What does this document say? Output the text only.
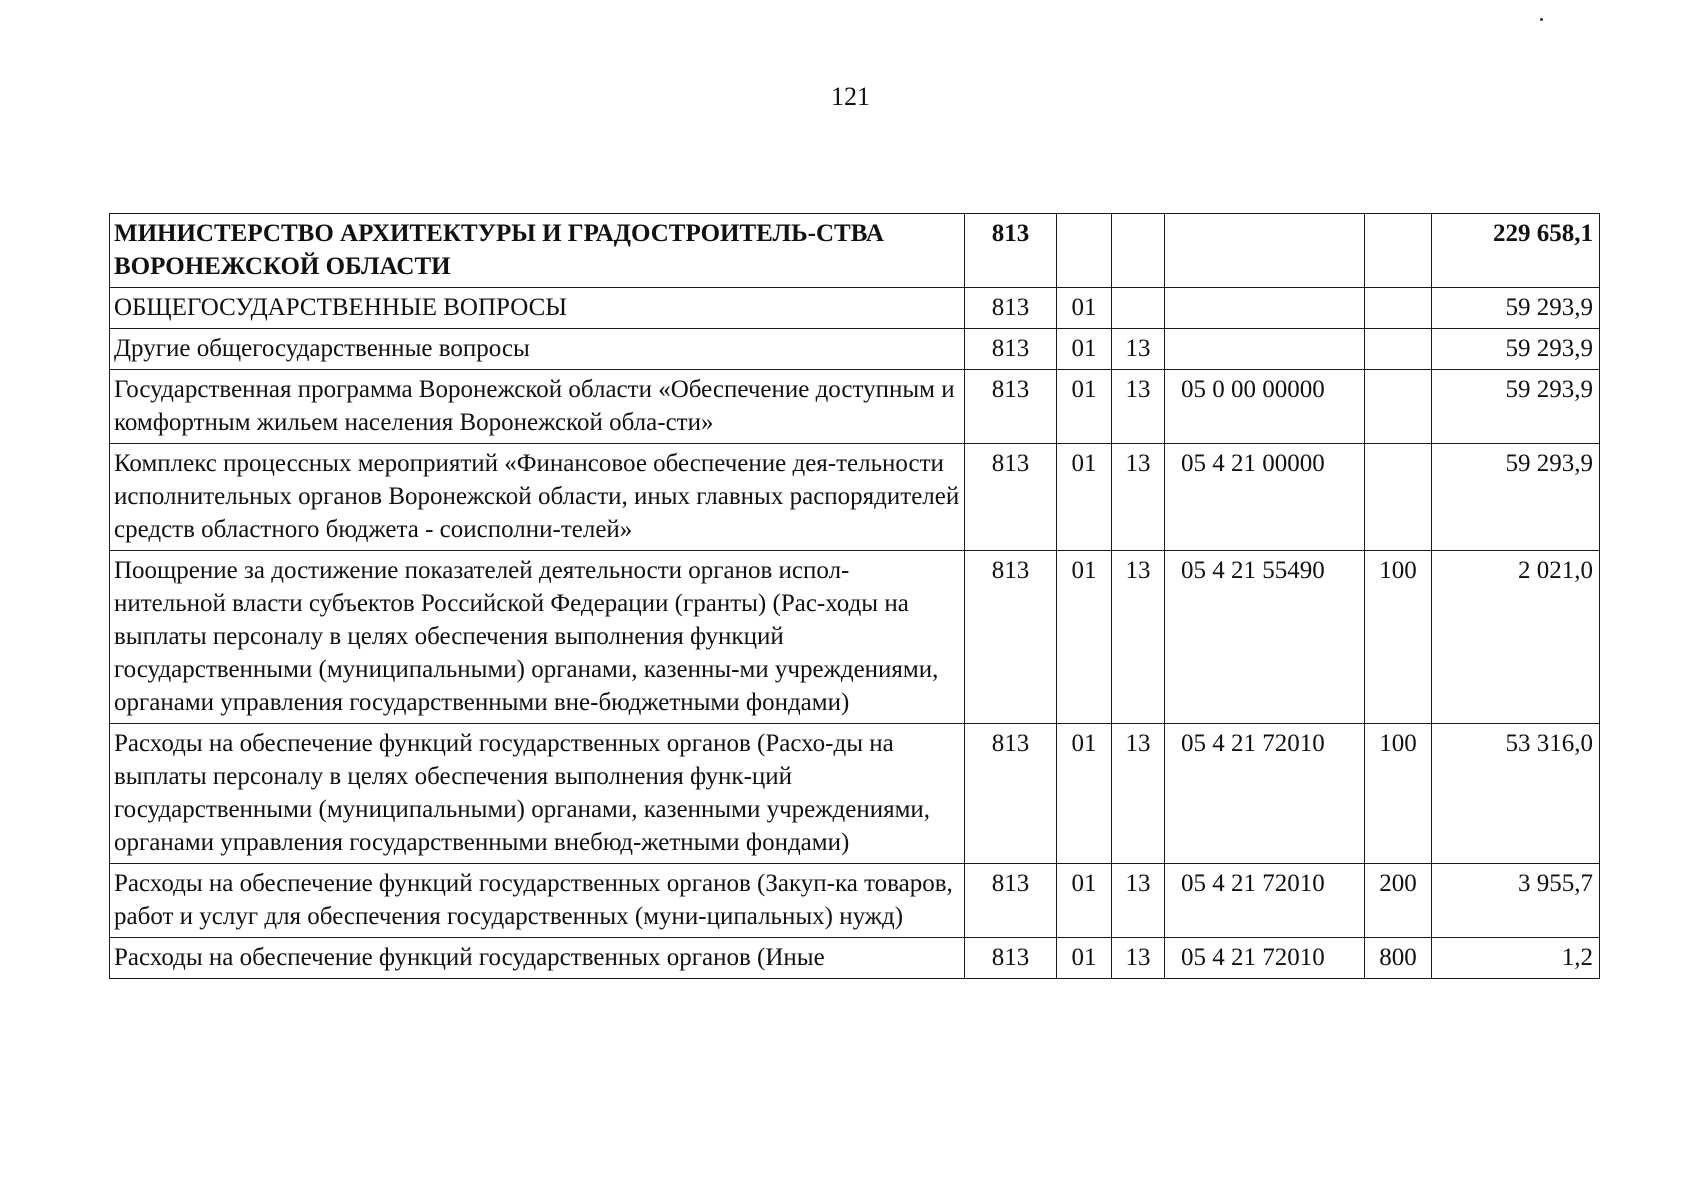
121
МИНИСТЕРСТВО АРХИТЕКТУРЫ И ГРАДОСТРОИТЕЛЬ-СТВА ВОРОНЕЖСКОЙ ОБЛАСТИ	813					229 658,1
ОБЩЕГОСУДАРСТВЕННЫЕ ВОПРОСЫ	813	01				59 293,9
Другие общегосударственные вопросы	813	01	13			59 293,9
Государственная программа Воронежской области «Обеспечение доступным и комфортным жильем населения Воронежской обла-сти»	813	01	13	05 0 00 00000		59 293,9
Комплекс процессных мероприятий «Финансовое обеспечение дея-тельности исполнительных органов Воронежской области, иных главных распорядителей средств областного бюджета - соисполни-телей»	813	01	13	05 4 21 00000		59 293,9
Поощрение за достижение показателей деятельности органов испол-нительной власти субъектов Российской Федерации (гранты) (Рас-ходы на выплаты персоналу в целях обеспечения выполнения функций государственными (муниципальными) органами, казенны-ми учреждениями, органами управления государственными вне-бюджетными фондами)	813	01	13	05 4 21 55490	100	2 021,0
Расходы на обеспечение функций государственных органов (Расхо-ды на выплаты персоналу в целях обеспечения выполнения функ-ций государственными (муниципальными) органами, казенными учреждениями, органами управления государственными внебюд-жетными фондами)	813	01	13	05 4 21 72010	100	53 316,0
Расходы на обеспечение функций государственных органов (Закуп-ка товаров, работ и услуг для обеспечения государственных (муни-ципальных) нужд)	813	01	13	05 4 21 72010	200	3 955,7
Расходы на обеспечение функций государственных органов (Иные	813	01	13	05 4 21 72010	800	1,2
